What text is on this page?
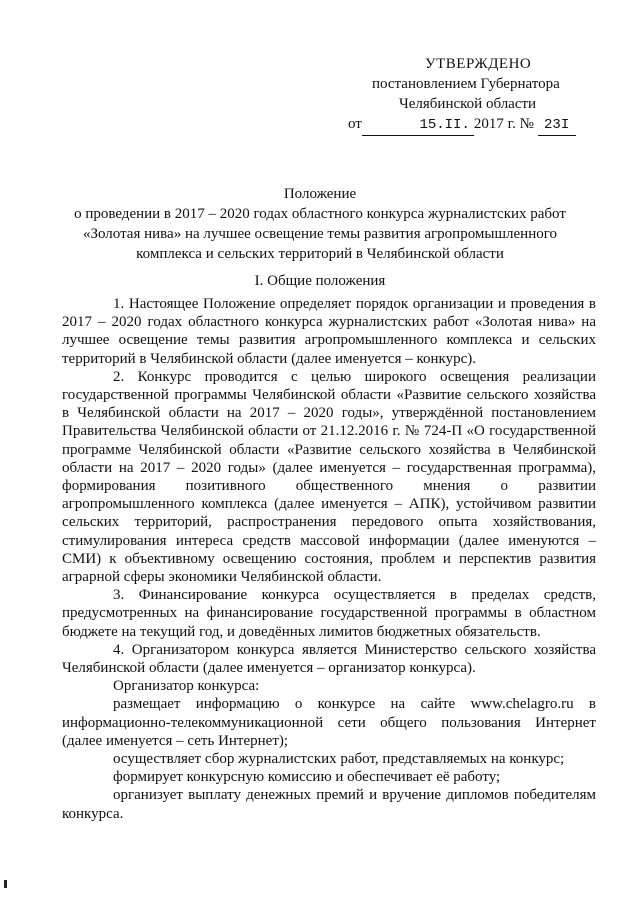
УТВЕРЖДЕНО
постановлением Губернатора
Челябинской области
от	15.II. 2017 г. № 23I
Положение
о проведении в 2017 – 2020 годах областного конкурса журналистских работ
«Золотая нива» на лучшее освещение темы развития агропромышленного
комплекса и сельских территорий в Челябинской области
I. Общие положения

1. Настоящее Положение определяет порядок организации и проведения в 2017 – 2020 годах областного конкурса журналистских работ «Золотая нива» на лучшее освещение темы развития агропромышленного комплекса и сельских территорий в Челябинской области (далее именуется – конкурс).

2. Конкурс проводится с целью широкого освещения реализации государственной программы Челябинской области «Развитие сельского хозяйства в Челябинской области на 2017 – 2020 годы», утверждённой постановлением Правительства Челябинской области от 21.12.2016 г. № 724-П «О государственной программе Челябинской области «Развитие сельского хозяйства в Челябинской области на 2017 – 2020 годы» (далее именуется – государственная программа), формирования позитивного общественного мнения о развитии агропромышленного комплекса (далее именуется – АПК), устойчивом развитии сельских территорий, распространения передового опыта хозяйствования, стимулирования интереса средств массовой информации (далее именуются – СМИ) к объективному освещению состояния, проблем и перспектив развития аграрной сферы экономики Челябинской области.

3. Финансирование конкурса осуществляется в пределах средств, предусмотренных на финансирование государственной программы в областном бюджете на текущий год, и доведённых лимитов бюджетных обязательств.

4. Организатором конкурса является Министерство сельского хозяйства Челябинской области (далее именуется – организатор конкурса).

Организатор конкурса:

размещает информацию о конкурсе на сайте www.chelagro.ru в информационно-телекоммуникационной сети общего пользования Интернет (далее именуется – сеть Интернет);

осуществляет сбор журналистских работ, представляемых на конкурс;

формирует конкурсную комиссию и обеспечивает её работу;

организует выплату денежных премий и вручение дипломов победителям конкурса.
